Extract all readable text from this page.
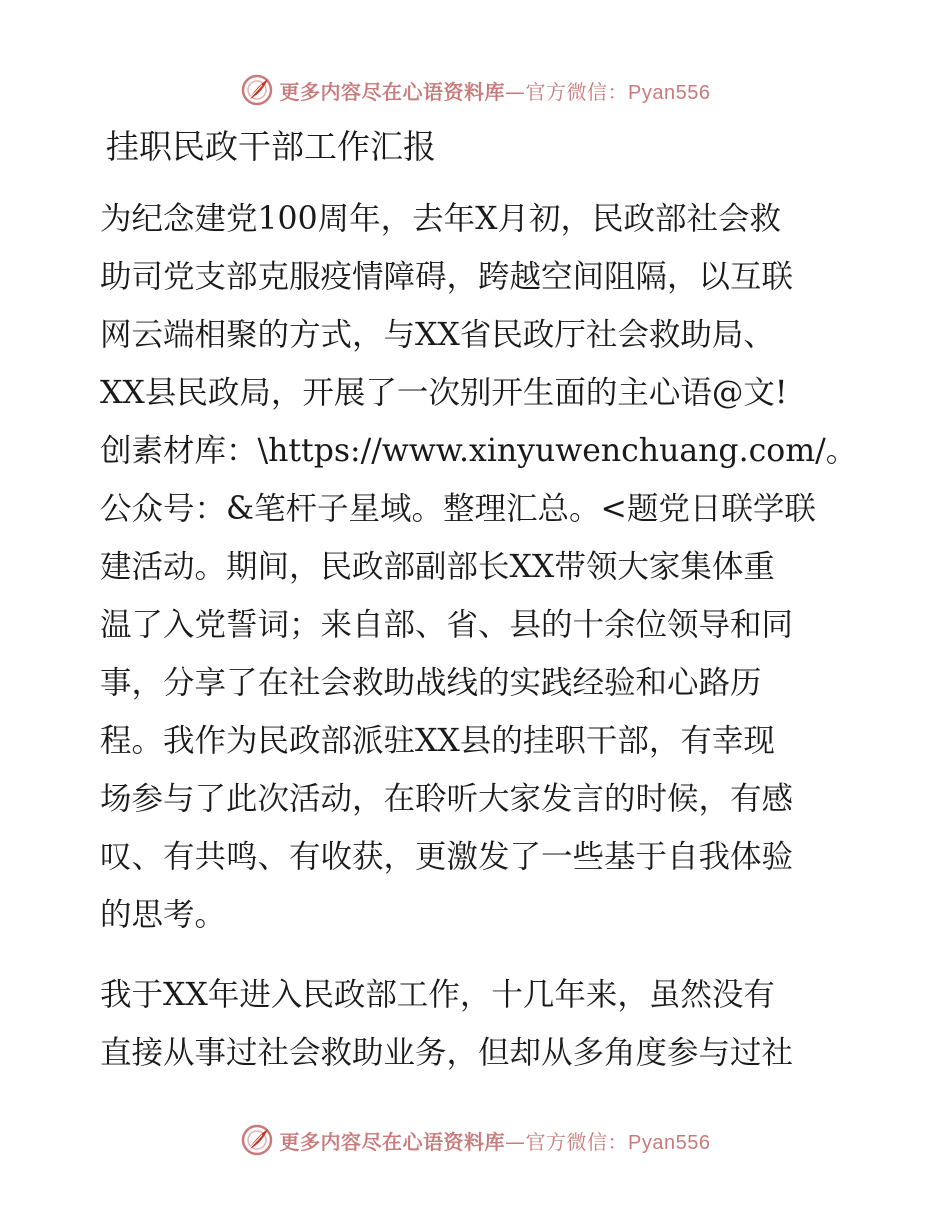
更多内容尽在心语资料库—官方微信：Pyan556
挂职民政干部工作汇报
为纪念建党100周年，去年X月初，民政部社会救
助司党支部克服疫情障碍，跨越空间阻隔，以互联
网云端相聚的方式，与XX省民政厅社会救助局、
XX县民政局，开展了一次别开生面的主心语@文!
创素材库：\https://www.xinyuwenchuang.com/。
公众号：&笔杆子星域。整理汇总。<题党日联学联
建活动。期间，民政部副部长XX带领大家集体重
温了入党誓词；来自部、省、县的十余位领导和同
事，分享了在社会救助战线的实践经验和心路历
程。我作为民政部派驻XX县的挂职干部，有幸现
场参与了此次活动，在聆听大家发言的时候，有感
叹、有共鸣、有收获，更激发了一些基于自我体验
的思考。
我于XX年进入民政部工作，十几年来，虽然没有
直接从事过社会救助业务，但却从多角度参与过社
更多内容尽在心语资料库—官方微信：Pyan556
